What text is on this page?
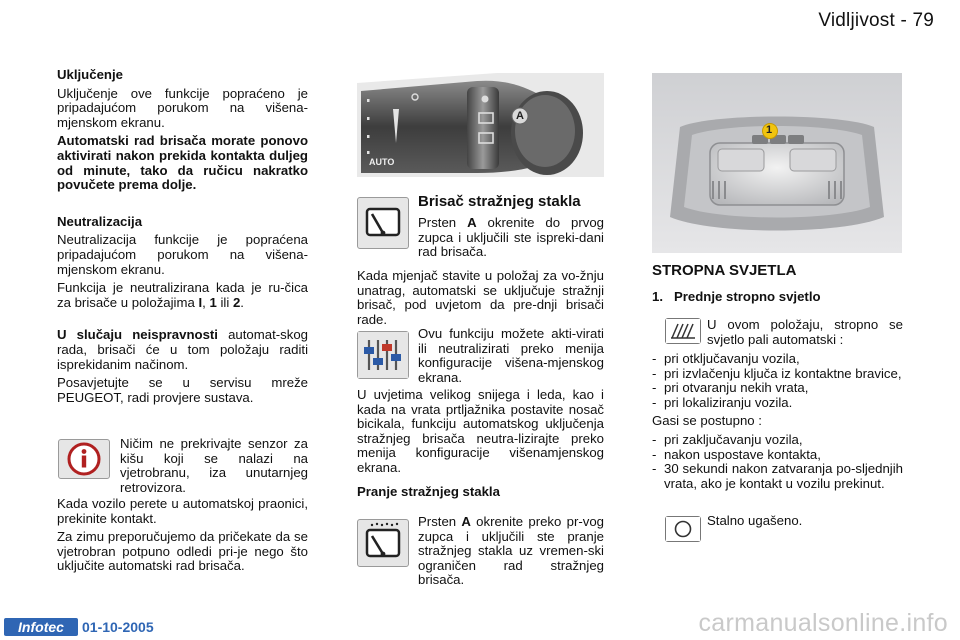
Vidljivost - 79

Uključenje

Uključenje ove funkcije popraćeno je pripadajućom porukom na višena-mjenskom ekranu.

Automatski rad brisača morate ponovo aktivirati nakon prekida kontakta duljeg od minute, tako da ručicu nakratko povučete prema dolje.

Neutralizacija

Neutralizacija funkcije je popraćena pripadajućom porukom na višena-mjenskom ekranu.

Funkcija je neutralizirana kada je ru-čica za brisače u položajima I, 1 ili 2.

U slučaju neispravnosti automat-skog rada, brisači će u tom položaju raditi isprekidanim načinom.

Posavjetujte se u servisu mreže PEUGEOT, radi provjere sustava.

Ničim ne prekrivajte senzor za kišu koji se nalazi na vjetrobranu, iza unutarnjeg retrovizora.

Kada vozilo perete u automatskoj praonici, prekinite kontakt.

Za zimu preporučujemo da pričekate da se vjetrobran potpuno odledi pri-je nego što uključite automatski rad brisača.

A
AUTO

Brisač stražnjeg stakla

Prsten A okrenite do prvog zupca i uključili ste ispreki-dani rad brisača.

Kada mjenjač stavite u položaj za vo-žnju unatrag, automatski se uključuje stražnji brisač, pod uvjetom da pre-dnji brisači rade.

Ovu funkciju možete akti-virati ili neutralizirati preko menija konfiguracije višena-mjenskog ekrana.

U uvjetima velikog snijega i leda, kao i kada na vrata prtljažnika postavite nosač bicikala, funkciju automatskog uključenja stražnjeg brisača neutra-lizirajte preko menija konfiguracije višenamjenskog ekrana.

Pranje stražnjeg stakla

Prsten A okrenite preko pr-vog zupca i uključili ste pranje stražnjeg stakla uz vremen-ski ograničen rad stražnjeg brisača.

1

STROPNA SVJETLA

1.   Prednje stropno svjetlo

U ovom položaju, stropno se svjetlo pali automatski :

- pri otključavanju vozila,
- pri izvlačenju ključa iz kontaktne bravice,
- pri otvaranju nekih vrata,
- pri lokaliziranju vozila.

Gasi se postupno :

- pri zaključavanju vozila,
- nakon uspostave kontakta,
- 30 sekundi nakon zatvaranja po-sljednjih vrata, ako je kontakt u vozilu prekinut.

Stalno ugašeno.

Infotec	01-10-2005	carmanualsonline.info
